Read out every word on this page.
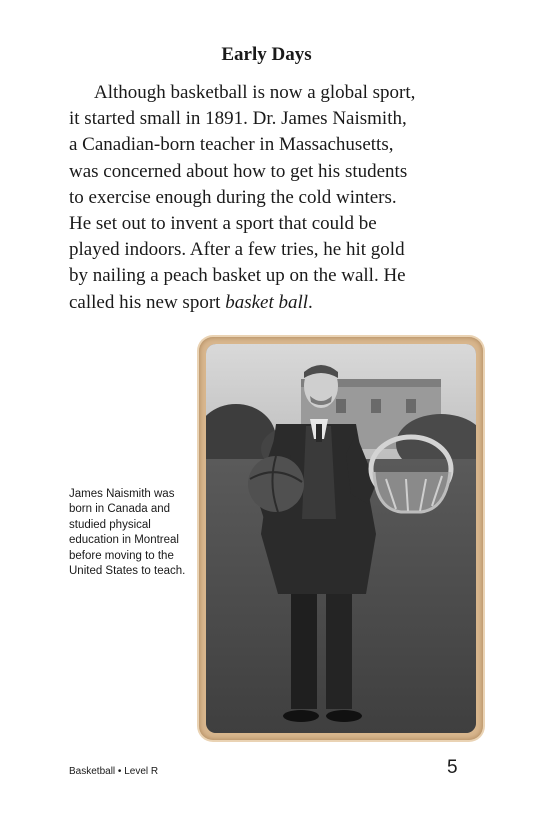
Early Days
Although basketball is now a global sport,
it started small in 1891. Dr. James Naismith,
a Canadian-born teacher in Massachusetts,
was concerned about how to get his students
to exercise enough during the cold winters.
He set out to invent a sport that could be
played indoors. After a few tries, he hit gold
by nailing a peach basket up on the wall. He
called his new sport basket ball.
James Naismith was
born in Canada and
studied physical
education in Montreal
before moving to the
United States to teach.
Basketball • Level R	5
